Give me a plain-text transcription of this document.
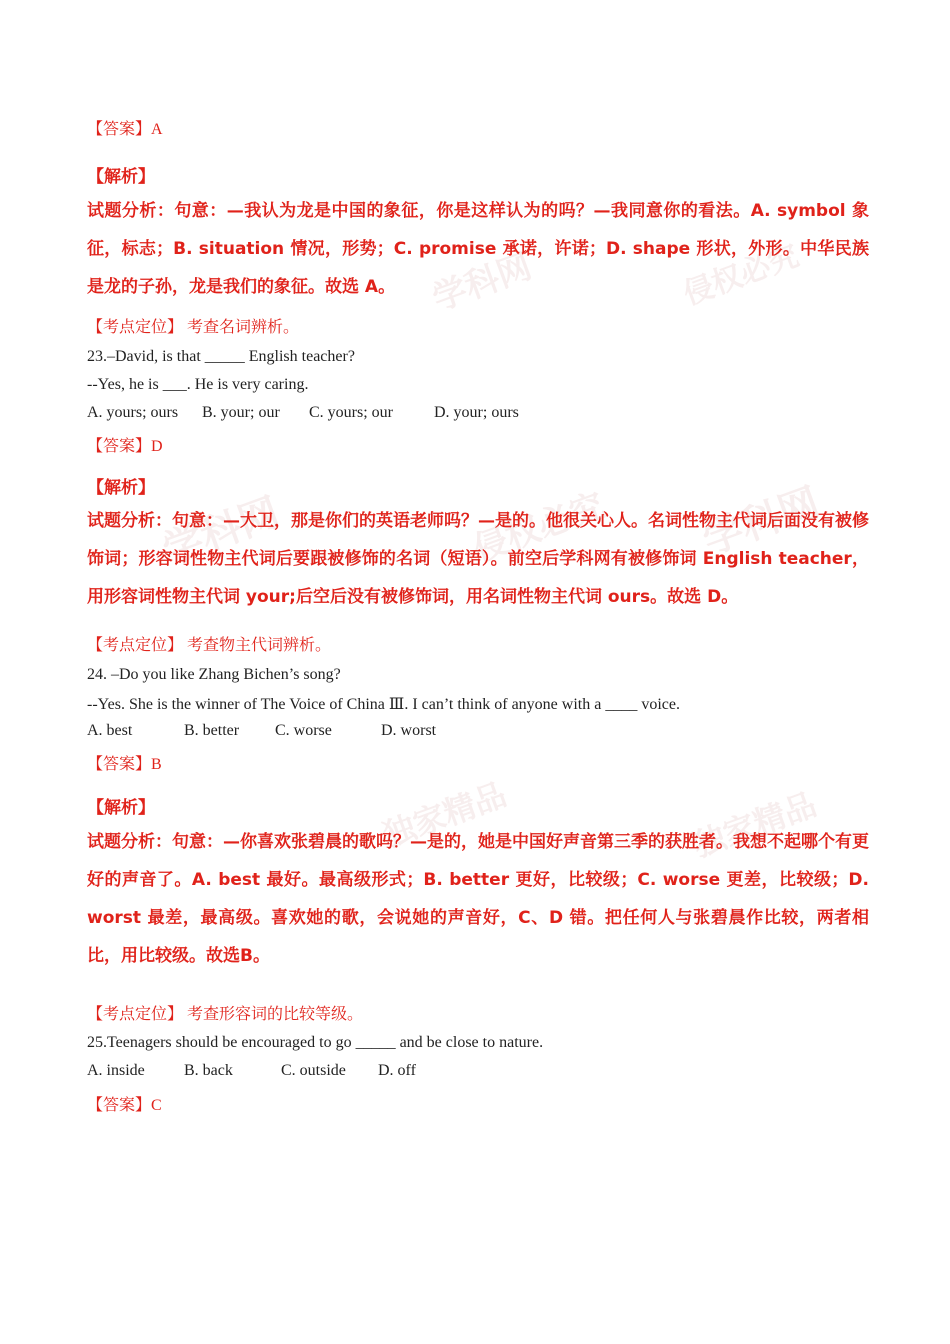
学科网	侵权必究
学科网	侵权必究 学科网
独家精品	独家精品
【答案】A
【解析】
试题分析：句意：—我认为龙是中国的象征，你是这样认为的吗？—我同意你的看法。A. symbol 象征，标志；B. situation 情况，形势；C. promise 承诺，许诺；D. shape 形状，外形。中华民族是龙的子孙，龙是我们的象征。故选 A。
【考点定位】 考查名词辨析。
23.–David, is that _____ English teacher?
--Yes, he is ___. He is very caring.
A. yours; ours B. your; our C. yours; our	D. your; ours
【答案】D
【解析】
试题分析：句意：—大卫，那是你们的英语老师吗？—是的。他很关心人。名词性物主代词后面没有被修饰词；形容词性物主代词后要跟被修饰的名词（短语）。前空后学科网有被修饰词 English teacher，用形容词性物主代词 your;后空后没有被修饰词，用名词性物主代词 ours。故选 D。
【考点定位】 考查物主代词辨析。
24. –Do you like Zhang Bichen’s song?
--Yes. She is the winner of The Voice of China Ⅲ. I can’t think of anyone with a ____ voice.
A. best	B. better C. worse	D. worst
【答案】B
【解析】
试题分析：句意：—你喜欢张碧晨的歌吗？—是的，她是中国好声音第三季的获胜者。我想不起哪个有更好的声音了。A. best 最好。最高级形式；B. better 更好，比较级；C. worse 更差，比较级；D. worst 最差，最高级。喜欢她的歌，会说她的声音好，C、D 错。把任何人与张碧晨作比较，两者相比，用比较级。故选B。
【考点定位】 考查形容词的比较等级。
25.Teenagers should be encouraged to go _____ and be close to nature.
A. inside B. back	C. outside D. off
【答案】C
